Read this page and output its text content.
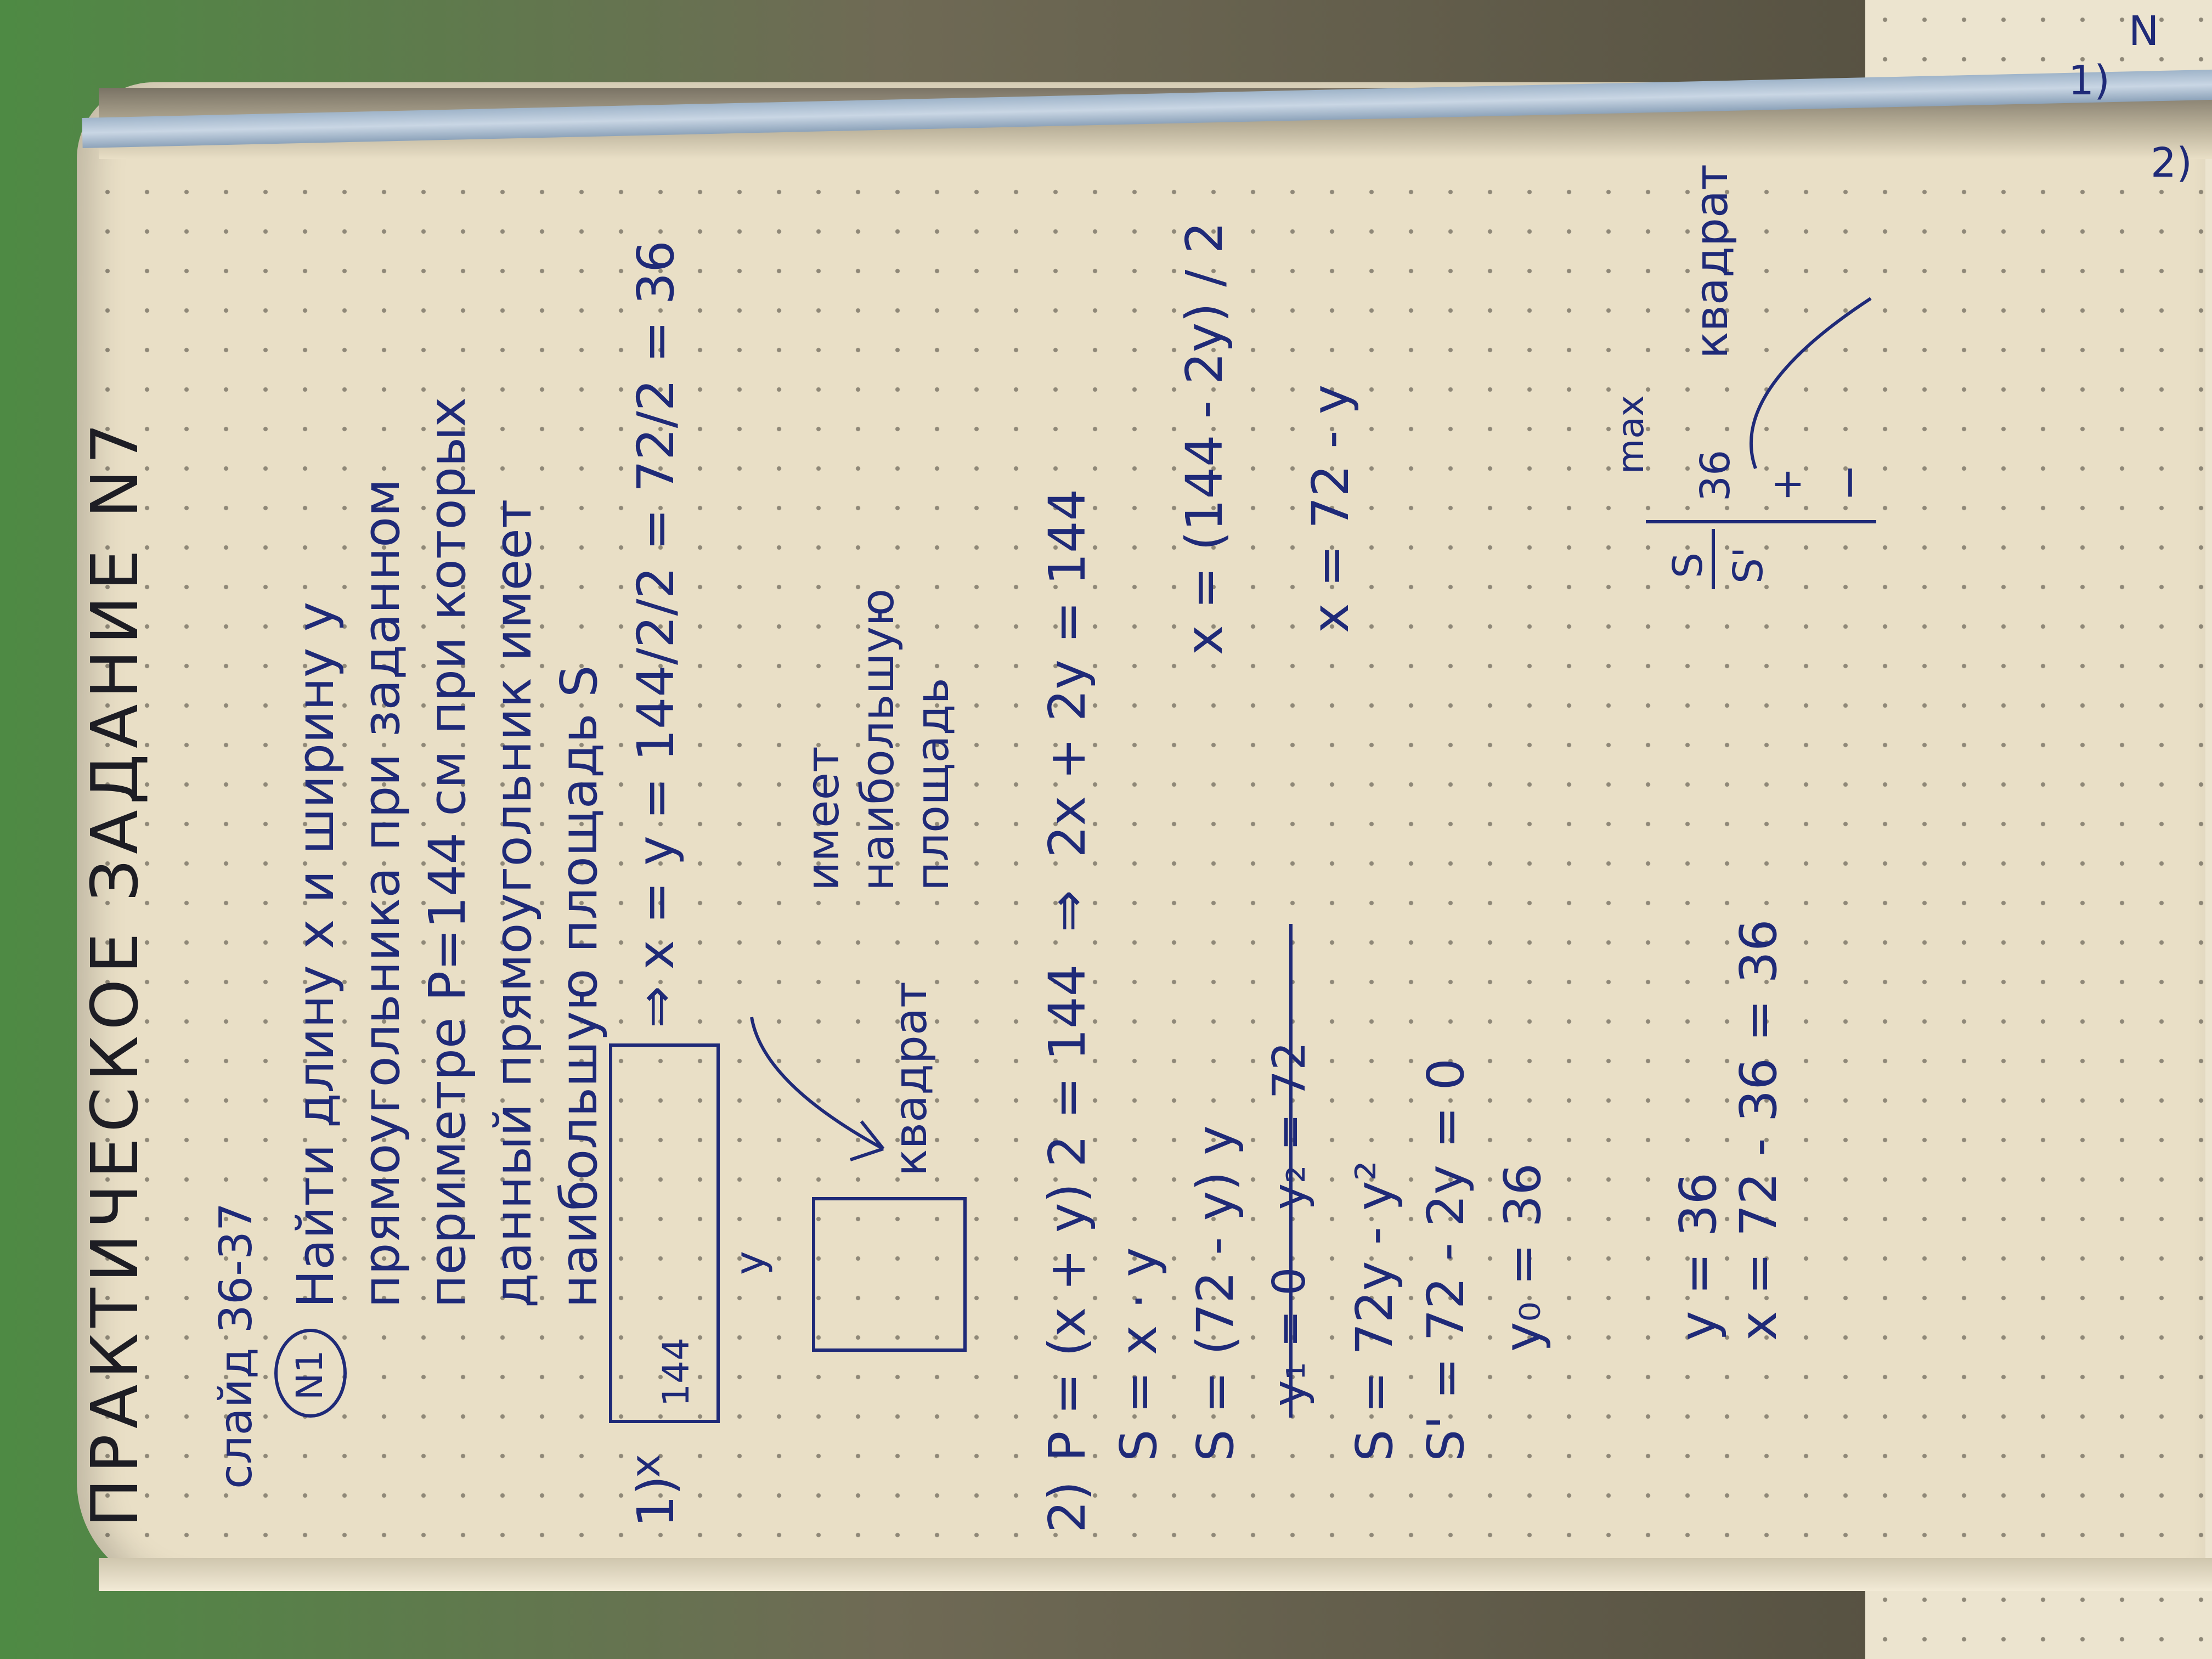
ПРАКТИЧЕСКОЕ ЗАДАНИЕ N7 слайд 36-37 N1

Найти длину x и ширину y прямоугольника при заданном периметре P=144 см при которых данный прямоугольник имеет наибольшую площадь S

1)

x

144

y

⇒ x = y = 144/2/2 = 72/2 = 36

квадрат

имеет наибольшую площадь

2)

P = (x + y) 2 = 144  ⇒  2x + 2y = 144 S = x · y S = (72 - y) y y₁ = 0    y₂ = 72 S = 72y - y² S' = 72 - 2y = 0 y₀ = 36

x = (144 - 2y) / 2 x = 72 - y

y = 36 x = 72 - 36 = 36

S S'
+
36
max
−
квадрат

N

1)

2)
